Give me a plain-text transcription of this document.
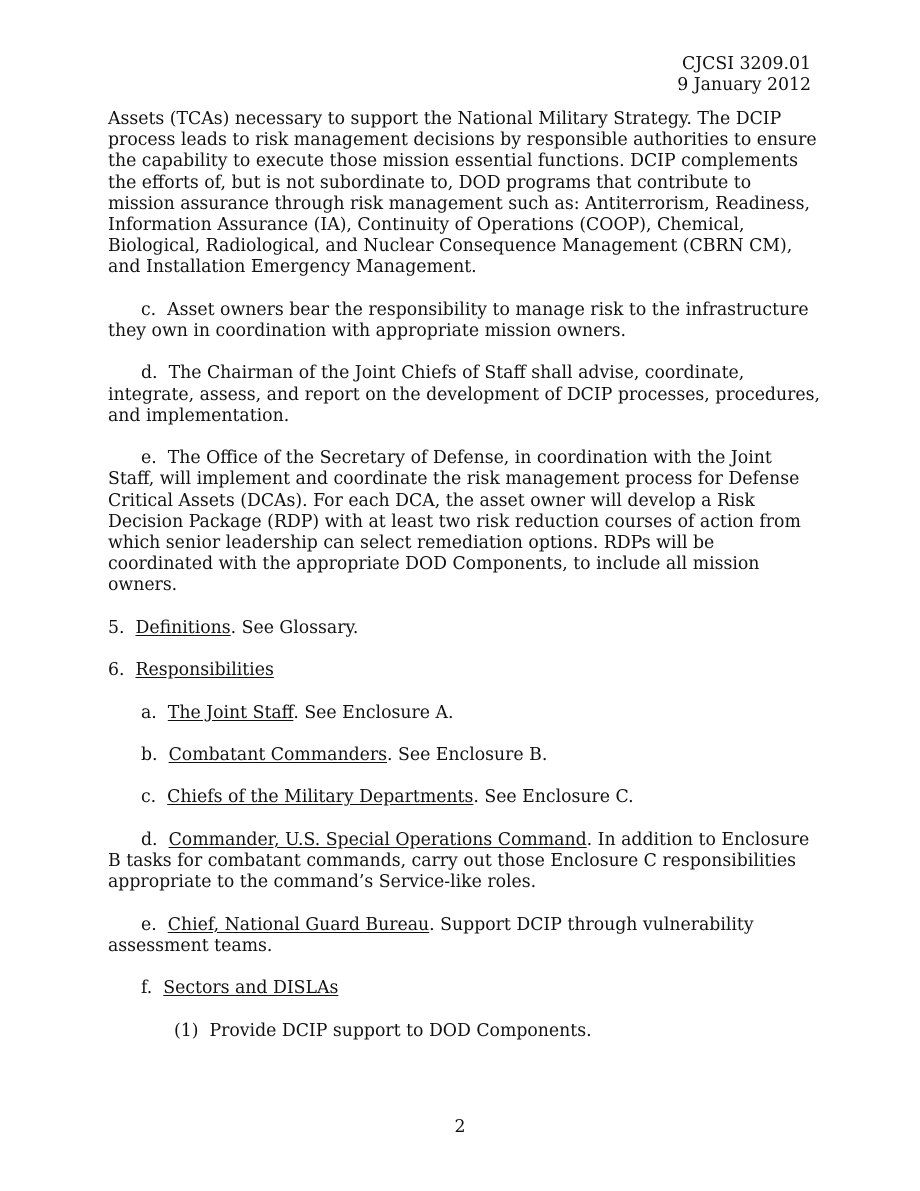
CJCSI 3209.01
9 January 2012

Assets (TCAs) necessary to support the National Military Strategy. The DCIP process leads to risk management decisions by responsible authorities to ensure the capability to execute those mission essential functions. DCIP complements the efforts of, but is not subordinate to, DOD programs that contribute to mission assurance through risk management such as: Antiterrorism, Readiness, Information Assurance (IA), Continuity of Operations (COOP), Chemical, Biological, Radiological, and Nuclear Consequence Management (CBRN CM), and Installation Emergency Management.

c. Asset owners bear the responsibility to manage risk to the infrastructure they own in coordination with appropriate mission owners.

d. The Chairman of the Joint Chiefs of Staff shall advise, coordinate, integrate, assess, and report on the development of DCIP processes, procedures, and implementation.

e. The Office of the Secretary of Defense, in coordination with the Joint Staff, will implement and coordinate the risk management process for Defense Critical Assets (DCAs). For each DCA, the asset owner will develop a Risk Decision Package (RDP) with at least two risk reduction courses of action from which senior leadership can select remediation options. RDPs will be coordinated with the appropriate DOD Components, to include all mission owners.

5. Definitions. See Glossary.

6. Responsibilities

a. The Joint Staff. See Enclosure A.

b. Combatant Commanders. See Enclosure B.

c. Chiefs of the Military Departments. See Enclosure C.

d. Commander, U.S. Special Operations Command. In addition to Enclosure B tasks for combatant commands, carry out those Enclosure C responsibilities appropriate to the command’s Service-like roles.

e. Chief, National Guard Bureau. Support DCIP through vulnerability assessment teams.

f. Sectors and DISLAs

(1) Provide DCIP support to DOD Components.

2
